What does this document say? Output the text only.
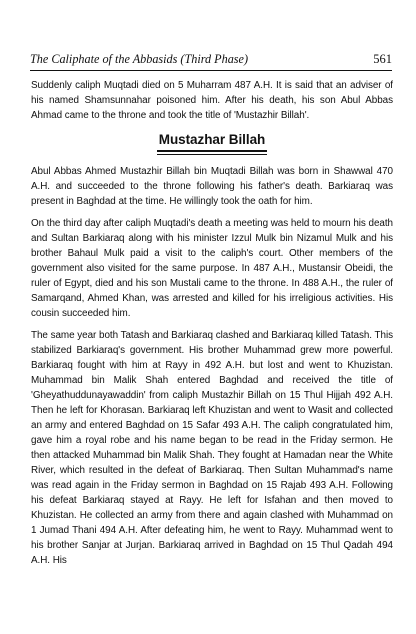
The Caliphate of the Abbasids (Third Phase)	561

Suddenly caliph Muqtadi died on 5 Muharram 487 A.H. It is said that an adviser of his named Shamsunnahar poisoned him. After his death, his son Abul Abbas Ahmad came to the throne and took the title of 'Mustazhir Billah'.

Mustazhar Billah

Abul Abbas Ahmed Mustazhir Billah bin Muqtadi Billah was born in Shawwal 470 A.H. and succeeded to the throne following his father's death. Barkiaraq was present in Baghdad at the time. He willingly took the oath for him.

On the third day after caliph Muqtadi's death a meeting was held to mourn his death and Sultan Barkiaraq along with his minister Izzul Mulk bin Nizamul Mulk and his brother Bahaul Mulk paid a visit to the caliph's court. Other members of the government also visited for the same purpose. In 487 A.H., Mustansir Obeidi, the ruler of Egypt, died and his son Mustali came to the throne. In 488 A.H., the ruler of Samarqand, Ahmed Khan, was arrested and killed for his irreligious activities. His cousin succeeded him.

The same year both Tatash and Barkiaraq clashed and Barkiaraq killed Tatash. This stabilized Barkiaraq's government. His brother Muhammad grew more powerful. Barkiaraq fought with him at Rayy in 492 A.H. but lost and went to Khuzistan. Muhammad bin Malik Shah entered Baghdad and received the title of 'Gheyathuddunayawaddin' from caliph Mustazhir Billah on 15 Thul Hijjah 492 A.H. Then he left for Khorasan. Barkiaraq left Khuzistan and went to Wasit and collected an army and entered Baghdad on 15 Safar 493 A.H. The caliph congratulated him, gave him a royal robe and his name began to be read in the Friday sermon. He then attacked Muhammad bin Malik Shah. They fought at Hamadan near the White River, which resulted in the defeat of Barkiaraq. Then Sultan Muhammad's name was read again in the Friday sermon in Baghdad on 15 Rajab 493 A.H. Following his defeat Barkiaraq stayed at Rayy. He left for Isfahan and then moved to Khuzistan. He collected an army from there and again clashed with Muhammad on 1 Jumad Thani 494 A.H. After defeating him, he went to Rayy. Muhammad went to his brother Sanjar at Jurjan. Barkiaraq arrived in Baghdad on 15 Thul Qadah 494 A.H. His
